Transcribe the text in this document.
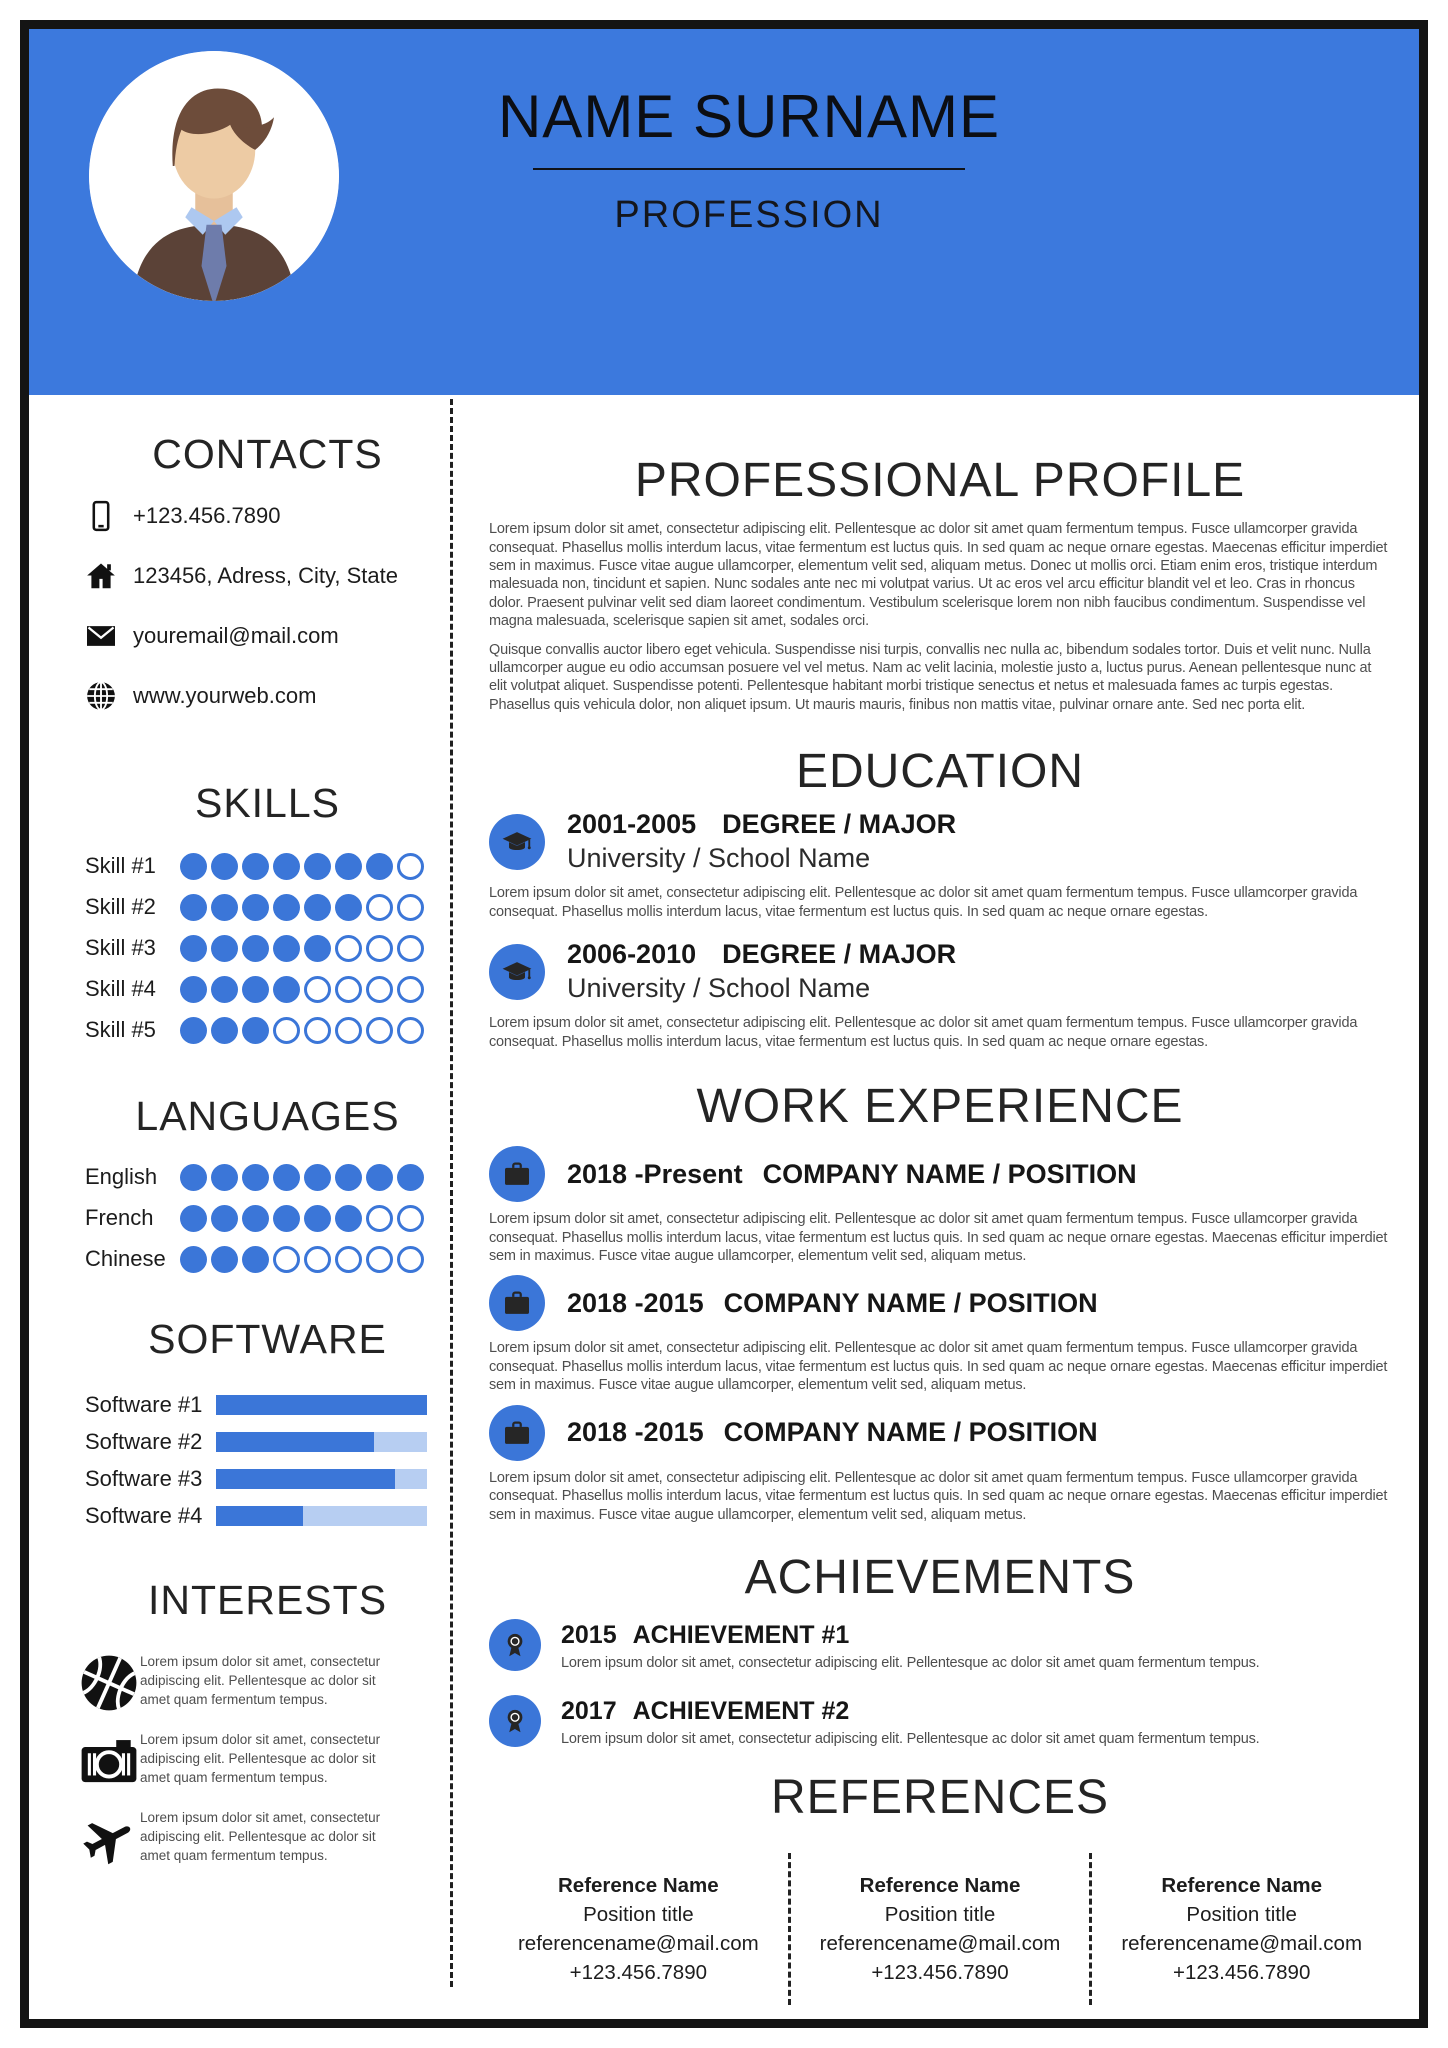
NAME SURNAME
PROFESSION
CONTACTS
+123.456.7890
123456, Adress, City, State
youremail@mail.com
www.yourweb.com
SKILLS
Skill #1
Skill #2
Skill #3
Skill #4
Skill #5
LANGUAGES
English
French
Chinese
SOFTWARE
Software #1
Software #2
Software #3
Software #4
INTERESTS

Lorem ipsum dolor sit amet, consectetur adipiscing elit. Pellentesque ac dolor sit amet quam fermentum tempus.

Lorem ipsum dolor sit amet, consectetur adipiscing elit. Pellentesque ac dolor sit amet quam fermentum tempus.

Lorem ipsum dolor sit amet, consectetur adipiscing elit. Pellentesque ac dolor sit amet quam fermentum tempus.

PROFESSIONAL PROFILE

Lorem ipsum dolor sit amet, consectetur adipiscing elit. Pellentesque ac dolor sit amet quam fermentum tempus. Fusce ullamcorper gravida consequat. Phasellus mollis interdum lacus, vitae fermentum est luctus quis. In sed quam ac neque ornare egestas. Maecenas efficitur imperdiet sem in maximus. Fusce vitae augue ullamcorper, elementum velit sed, aliquam metus. Donec ut mollis orci. Etiam enim eros, tristique interdum malesuada non, tincidunt et sapien. Nunc sodales ante nec mi volutpat varius. Ut ac eros vel arcu efficitur blandit vel et leo. Cras in rhoncus dolor. Praesent pulvinar velit sed diam laoreet condimentum. Vestibulum scelerisque lorem non nibh faucibus condimentum. Suspendisse vel magna malesuada, scelerisque sapien sit amet, sodales orci.

Quisque convallis auctor libero eget vehicula. Suspendisse nisi turpis, convallis nec nulla ac, bibendum sodales tortor. Duis et velit nunc. Nulla ullamcorper augue eu odio accumsan posuere vel vel metus. Nam ac velit lacinia, molestie justo a, luctus purus. Aenean pellentesque nunc at elit volutpat aliquet. Suspendisse potenti. Pellentesque habitant morbi tristique senectus et netus et malesuada fames ac turpis egestas. Phasellus quis vehicula dolor, non aliquet ipsum. Ut mauris mauris, finibus non mattis vitae, pulvinar ornare ante. Sed nec porta elit.

EDUCATION
2001-2005 DEGREE / MAJOR
University / School Name

Lorem ipsum dolor sit amet, consectetur adipiscing elit. Pellentesque ac dolor sit amet quam fermentum tempus. Fusce ullamcorper gravida consequat. Phasellus mollis interdum lacus, vitae fermentum est luctus quis. In sed quam ac neque ornare egestas.

2006-2010 DEGREE / MAJOR
University / School Name

Lorem ipsum dolor sit amet, consectetur adipiscing elit. Pellentesque ac dolor sit amet quam fermentum tempus. Fusce ullamcorper gravida consequat. Phasellus mollis interdum lacus, vitae fermentum est luctus quis. In sed quam ac neque ornare egestas.

WORK EXPERIENCE
2018 -Present COMPANY NAME / POSITION

Lorem ipsum dolor sit amet, consectetur adipiscing elit. Pellentesque ac dolor sit amet quam fermentum tempus. Fusce ullamcorper gravida consequat. Phasellus mollis interdum lacus, vitae fermentum est luctus quis. In sed quam ac neque ornare egestas. Maecenas efficitur imperdiet sem in maximus. Fusce vitae augue ullamcorper, elementum velit sed, aliquam metus.

2018 -2015 COMPANY NAME / POSITION

Lorem ipsum dolor sit amet, consectetur adipiscing elit. Pellentesque ac dolor sit amet quam fermentum tempus. Fusce ullamcorper gravida consequat. Phasellus mollis interdum lacus, vitae fermentum est luctus quis. In sed quam ac neque ornare egestas. Maecenas efficitur imperdiet sem in maximus. Fusce vitae augue ullamcorper, elementum velit sed, aliquam metus.

2018 -2015 COMPANY NAME / POSITION

Lorem ipsum dolor sit amet, consectetur adipiscing elit. Pellentesque ac dolor sit amet quam fermentum tempus. Fusce ullamcorper gravida consequat. Phasellus mollis interdum lacus, vitae fermentum est luctus quis. In sed quam ac neque ornare egestas. Maecenas efficitur imperdiet sem in maximus. Fusce vitae augue ullamcorper, elementum velit sed, aliquam metus.

ACHIEVEMENTS
2015 ACHIEVEMENT #1

Lorem ipsum dolor sit amet, consectetur adipiscing elit. Pellentesque ac dolor sit amet quam fermentum tempus.

2017 ACHIEVEMENT #2

Lorem ipsum dolor sit amet, consectetur adipiscing elit. Pellentesque ac dolor sit amet quam fermentum tempus.

REFERENCES
Reference Name
Position title
referencename@mail.com
+123.456.7890
Reference Name
Position title
referencename@mail.com
+123.456.7890
Reference Name
Position title
referencename@mail.com
+123.456.7890
